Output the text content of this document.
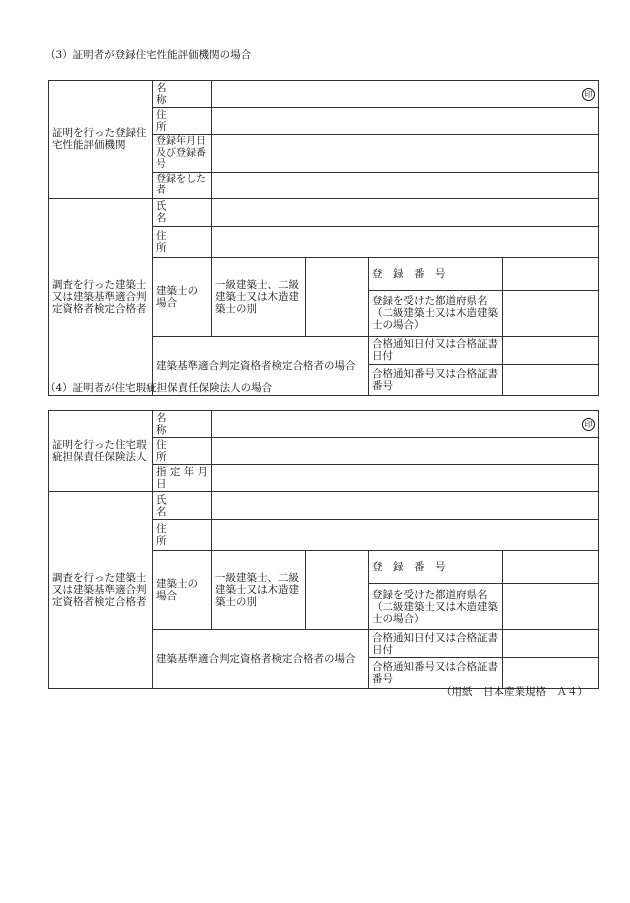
（3）証明者が登録住宅性能評価機関の場合
証明を行った登録住宅性能評価機関	名　　　　称	印			

	住　　　　所				
	登録年月日及び登録番号				
	登録をした者				
調査を行った建築士又は建築基準適合判定資格者検定合格者	氏　　　　名				
	住　　　　所				
	建築士の場合	一級建築士、二級建築士又は木造建築士の別		登　録　番　号	
				登録を受けた都道府県名（二級建築士又は木造建築士の場合）	
	建築基準適合判定資格者検定合格者の場合			合格通知日付又は合格証書日付	
				合格通知番号又は合格証書番号	
（4）証明者が住宅瑕疵担保責任保険法人の場合
証明を行った住宅瑕疵担保責任保険法人	名　　　　称	印			

	住　　　　所				
	指 定 年 月 日				
調査を行った建築士又は建築基準適合判定資格者検定合格者	氏　　　　名				
	住　　　　所				
	建築士の場合	一級建築士、二級建築士又は木造建築士の別		登　録　番　号	
				登録を受けた都道府県名（二級建築士又は木造建築士の場合）	
	建築基準適合判定資格者検定合格者の場合			合格通知日付又は合格証書日付	
				合格通知番号又は合格証書番号	
（用紙　日本産業規格　Ａ４）
